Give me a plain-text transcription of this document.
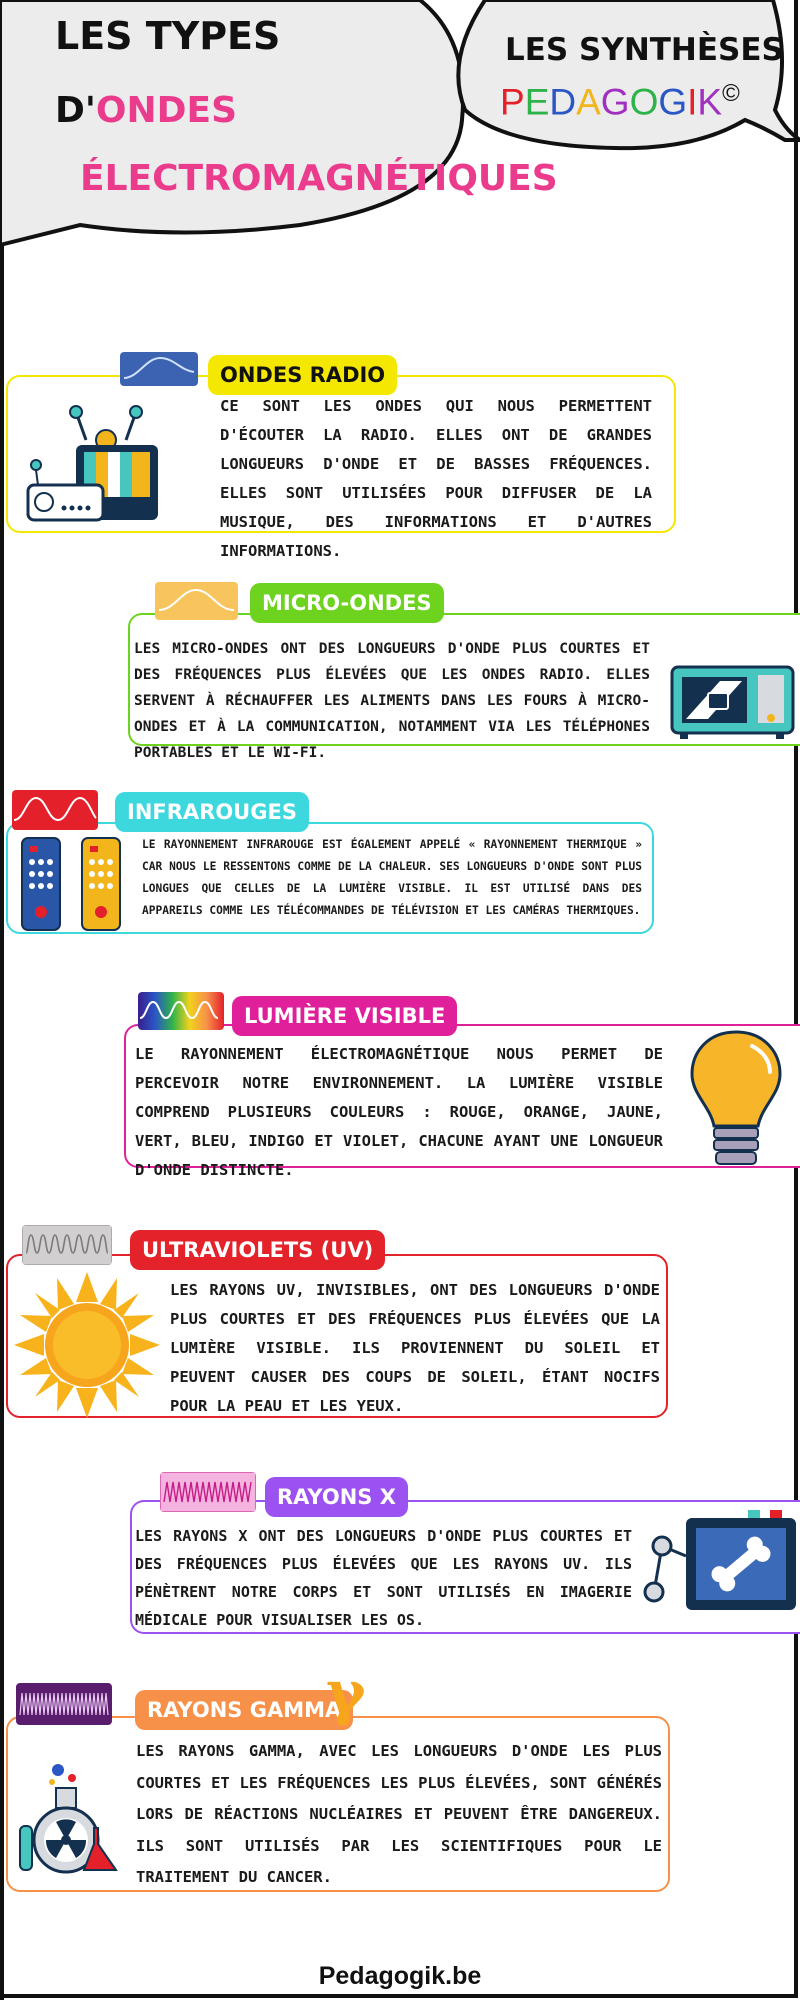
LES TYPES
D'ONDES
ÉLECTROMAGNÉTIQUES
LES SYNTHÈSES
PEDAGOGIK©
ONDES RADIO
CE SONT LES ONDES QUI NOUS PERMETTENT D'ÉCOUTER LA RADIO. ELLES ONT DE GRANDES LONGUEURS D'ONDE ET DE BASSES FRÉQUENCES. ELLES SONT UTILISÉES POUR DIFFUSER DE LA MUSIQUE, DES INFORMATIONS ET D'AUTRES INFORMATIONS.
MICRO-ONDES
LES MICRO-ONDES ONT DES LONGUEURS D'ONDE PLUS COURTES ET DES FRÉQUENCES PLUS ÉLEVÉES QUE LES ONDES RADIO. ELLES SERVENT À RÉCHAUFFER LES ALIMENTS DANS LES FOURS À MICRO-ONDES ET À LA COMMUNICATION, NOTAMMENT VIA LES TÉLÉPHONES PORTABLES ET LE WI-FI.
INFRAROUGES
LE RAYONNEMENT INFRAROUGE EST ÉGALEMENT APPELÉ « RAYONNEMENT THERMIQUE » CAR NOUS LE RESSENTONS COMME DE LA CHALEUR. SES LONGUEURS D'ONDE SONT PLUS LONGUES QUE CELLES DE LA LUMIÈRE VISIBLE. IL EST UTILISÉ DANS DES APPAREILS COMME LES TÉLÉCOMMANDES DE TÉLÉVISION ET LES CAMÉRAS THERMIQUES.
LUMIÈRE VISIBLE
LE RAYONNEMENT ÉLECTROMAGNÉTIQUE NOUS PERMET DE PERCEVOIR NOTRE ENVIRONNEMENT. LA LUMIÈRE VISIBLE COMPREND PLUSIEURS COULEURS : ROUGE, ORANGE, JAUNE, VERT, BLEU, INDIGO ET VIOLET, CHACUNE AYANT UNE LONGUEUR D'ONDE DISTINCTE.
ULTRAVIOLETS (UV)
LES RAYONS UV, INVISIBLES, ONT DES LONGUEURS D'ONDE PLUS COURTES ET DES FRÉQUENCES PLUS ÉLEVÉES QUE LA LUMIÈRE VISIBLE. ILS PROVIENNENT DU SOLEIL ET PEUVENT CAUSER DES COUPS DE SOLEIL, ÉTANT NOCIFS POUR LA PEAU ET LES YEUX.
RAYONS X
LES RAYONS X ONT DES LONGUEURS D'ONDE PLUS COURTES ET DES FRÉQUENCES PLUS ÉLEVÉES QUE LES RAYONS UV. ILS PÉNÈTRENT NOTRE CORPS ET SONT UTILISÉS EN IMAGERIE MÉDICALE POUR VISUALISER LES OS.
RAYONS GAMMA
γ
LES RAYONS GAMMA, AVEC LES LONGUEURS D'ONDE LES PLUS COURTES ET LES FRÉQUENCES LES PLUS ÉLEVÉES, SONT GÉNÉRÉS LORS DE RÉACTIONS NUCLÉAIRES ET PEUVENT ÊTRE DANGEREUX. ILS SONT UTILISÉS PAR LES SCIENTIFIQUES POUR LE TRAITEMENT DU CANCER.
Pedagogik.be
